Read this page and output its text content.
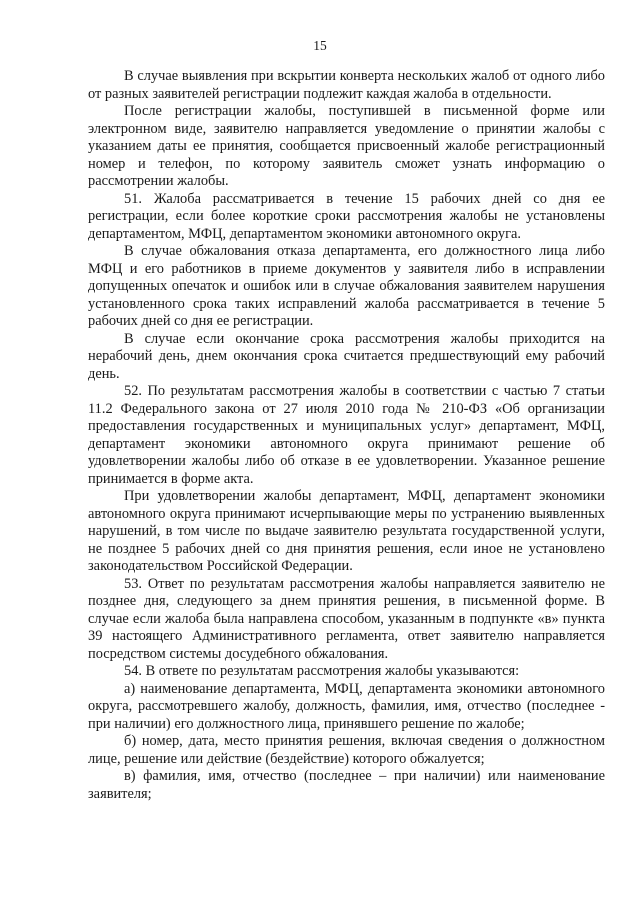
15

В случае выявления при вскрытии конверта нескольких жалоб от одного либо от разных заявителей регистрации подлежит каждая жалоба в отдельности.

После регистрации жалобы, поступившей в письменной форме или электронном виде, заявителю направляется уведомление о принятии жалобы с указанием даты ее принятия, сообщается присвоенный жалобе регистрационный номер и телефон, по которому заявитель сможет узнать информацию о рассмотрении жалобы.

51. Жалоба рассматривается в течение 15 рабочих дней со дня ее регистрации, если более короткие сроки рассмотрения жалобы не установлены департаментом, МФЦ, департаментом экономики автономного округа.

В случае обжалования отказа департамента, его должностного лица либо МФЦ и его работников в приеме документов у заявителя либо в исправлении допущенных опечаток и ошибок или в случае обжалования заявителем нарушения установленного срока таких исправлений жалоба рассматривается в течение 5 рабочих дней со дня ее регистрации.

В случае если окончание срока рассмотрения жалобы приходится на нерабочий день, днем окончания срока считается предшествующий ему рабочий день.

52. По результатам рассмотрения жалобы в соответствии с частью 7 статьи 11.2 Федерального закона от 27 июля 2010 года № 210-ФЗ «Об организации предоставления государственных и муниципальных услуг» департамент, МФЦ, департамент экономики автономного округа принимают решение об удовлетворении жалобы либо об отказе в ее удовлетворении. Указанное решение принимается в форме акта.

При удовлетворении жалобы департамент, МФЦ, департамент экономики автономного округа принимают исчерпывающие меры по устранению выявленных нарушений, в том числе по выдаче заявителю результата государственной услуги, не позднее 5 рабочих дней со дня принятия решения, если иное не установлено законодательством Российской Федерации.

53. Ответ по результатам рассмотрения жалобы направляется заявителю не позднее дня, следующего за днем принятия решения, в письменной форме. В случае если жалоба была направлена способом, указанным в подпункте «в» пункта 39 настоящего Административного регламента, ответ заявителю направляется посредством системы досудебного обжалования.

54. В ответе по результатам рассмотрения жалобы указываются:

а) наименование департамента, МФЦ, департамента экономики автономного округа, рассмотревшего жалобу, должность, фамилия, имя, отчество (последнее - при наличии) его должностного лица, принявшего решение по жалобе;

б) номер, дата, место принятия решения, включая сведения о должностном лице, решение или действие (бездействие) которого обжалуется;

в) фамилия, имя, отчество (последнее – при наличии) или наименование заявителя;
